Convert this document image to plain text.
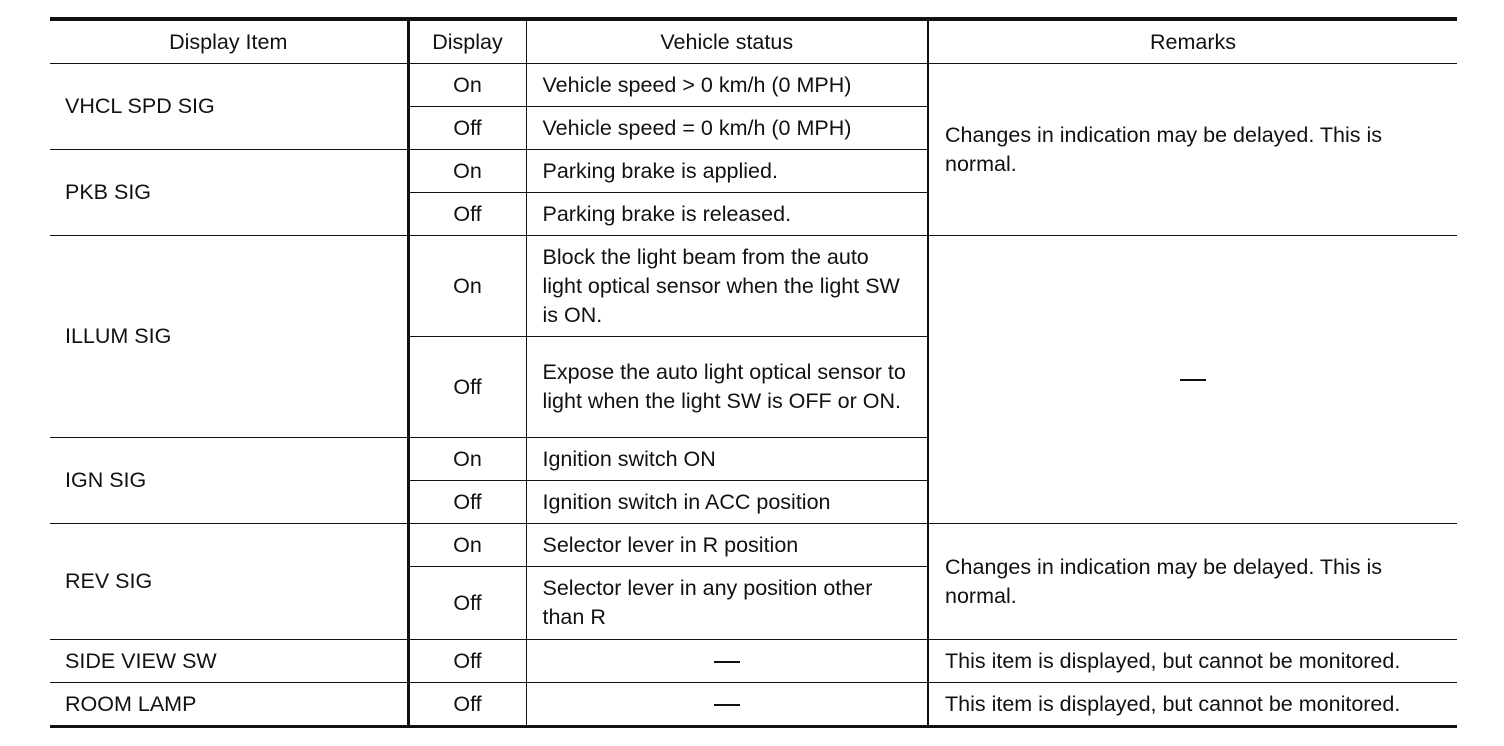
Display Item	Display	Vehicle status	Remarks
VHCL SPD SIG	On	Vehicle speed > 0 km/h (0 MPH)	Changes in indication may be delayed. This is normal.
	Off	Vehicle speed = 0 km/h (0 MPH)	
PKB SIG	On	Parking brake is applied.	
	Off	Parking brake is released.	
ILLUM SIG	On	Block the light beam from the auto light optical sensor when the light SW is ON.	
	Off	Expose the auto light optical sensor to light when the light SW is OFF or ON.	
IGN SIG	On	Ignition switch ON	
	Off	Ignition switch in ACC position	
REV SIG	On	Selector lever in R position	Changes in indication may be delayed. This is normal.
	Off	Selector lever in any position other than R	
SIDE VIEW SW	Off		This item is displayed, but cannot be monitored.
ROOM LAMP	Off		This item is displayed, but cannot be monitored.
